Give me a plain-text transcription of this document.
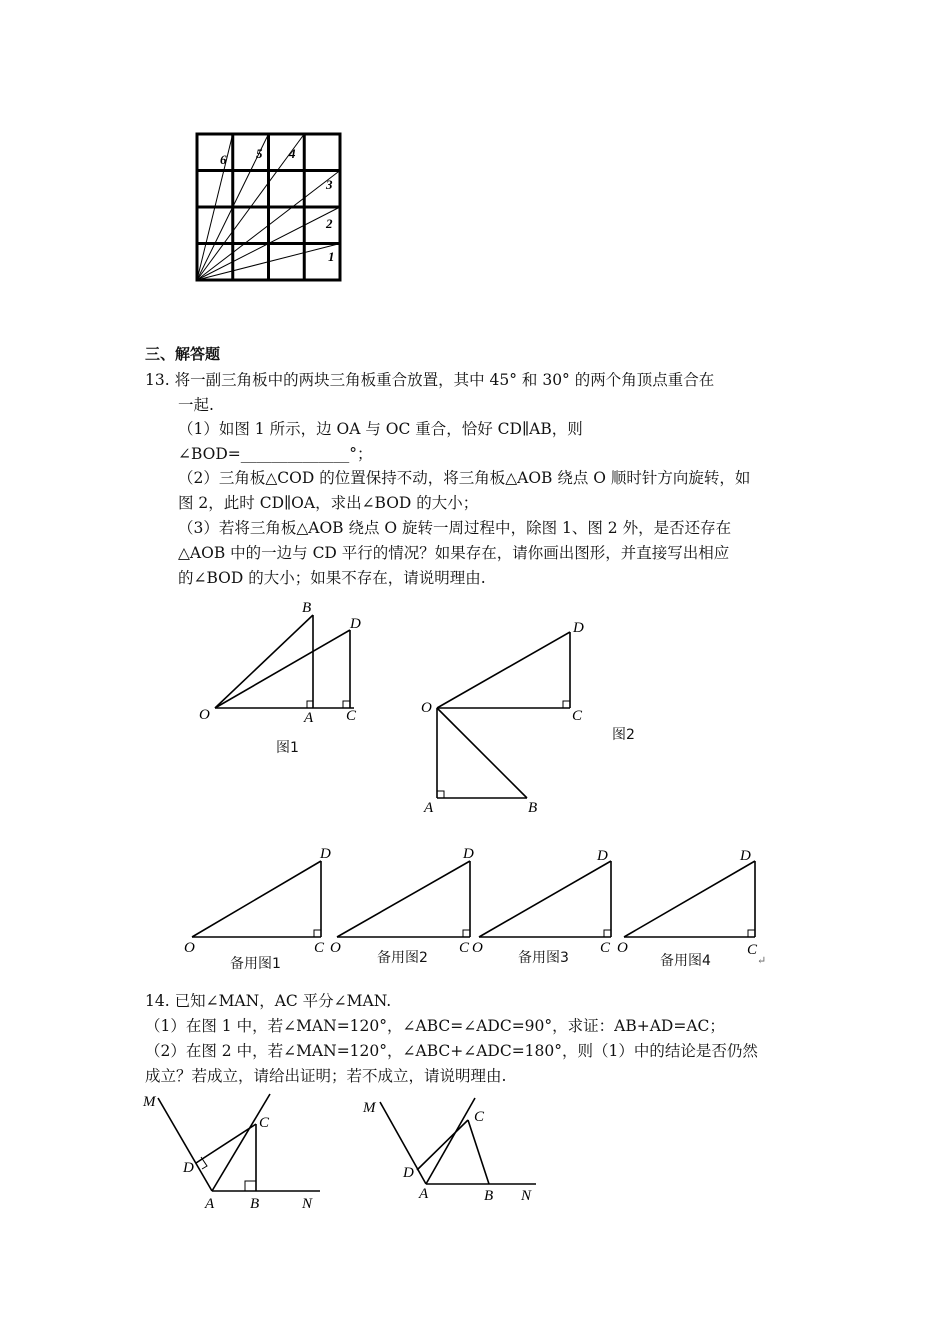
6 5 4
3
2
1
三、解答题
13. 将一副三角板中的两块三角板重合放置，其中 45° 和 30° 的两个角顶点重合在
一起.
（1）如图 1 所示，边 OA 与 OC 重合，恰好 CD∥AB，则
∠BOD=______________°；
（2）三角板△COD 的位置保持不动，将三角板△AOB 绕点 O 顺时针方向旋转，如
图 2，此时 CD∥OA，求出∠BOD 的大小；
（3）若将三角板△AOB 绕点 O 旋转一周过程中，除图 1、图 2 外，是否还存在
△AOB 中的一边与 CD 平行的情况？如果存在，请你画出图形，并直接写出相应
的∠BOD 的大小；如果不存在，请说明理由.
O	A C
B
D
图1
O	C
D
A	B
图2
O	C
D
备用图1
O	C
D
备用图2
O	C
D
备用图3
O	C
D
↵
备用图4
14. 已知∠MAN，AC 平分∠MAN.
（1）在图 1 中，若∠MAN=120°，∠ABC=∠ADC=90°，求证：AB+AD=AC；
（2）在图 2 中，若∠MAN=120°，∠ABC+∠ADC=180°，则（1）中的结论是否仍然
成立？若成立，请给出证明；若不成立，请说明理由.
M
C
D
A B	N
M
C
D
A	B N
